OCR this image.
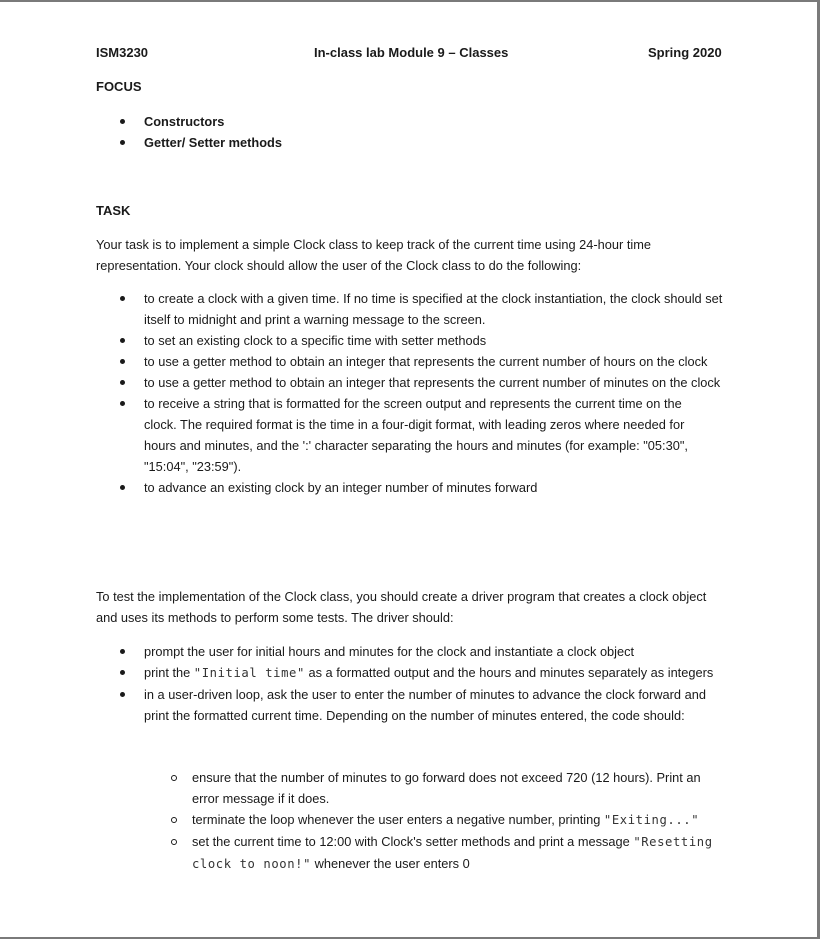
ISM3230	In-class lab Module 9 – Classes	Spring 2020
FOCUS
Constructors
Getter/ Setter methods
TASK

Your task is to implement a simple Clock class to keep track of the current time using 24-hour time representation. Your clock should allow the user of the Clock class to do the following:

to create a clock with a given time. If no time is specified at the clock instantiation, the clock should set itself to midnight and print a warning message to the screen.
to set an existing clock to a specific time with setter methods
to use a getter method to obtain an integer that represents the current number of hours on the clock
to use a getter method to obtain an integer that represents the current number of minutes on the clock
to receive a string that is formatted for the screen output and represents the current time on the clock. The required format is the time in a four-digit format, with leading zeros where needed for hours and minutes, and the ':' character separating the hours and minutes (for example: "05:30", "15:04", "23:59").
to advance an existing clock by an integer number of minutes forward

To test the implementation of the Clock class, you should create a driver program that creates a clock object and uses its methods to perform some tests. The driver should:

prompt the user for initial hours and minutes for the clock and instantiate a clock object
print the "Initial time" as a formatted output and the hours and minutes separately as integers
in a user-driven loop, ask the user to enter the number of minutes to advance the clock forward and print the formatted current time. Depending on the number of minutes entered, the code should:
ensure that the number of minutes to go forward does not exceed 720 (12 hours). Print an error message if it does.
terminate the loop whenever the user enters a negative number, printing "Exiting..."
set the current time to 12:00 with Clock's setter methods and print a message "Resetting clock to noon!" whenever the user enters 0
